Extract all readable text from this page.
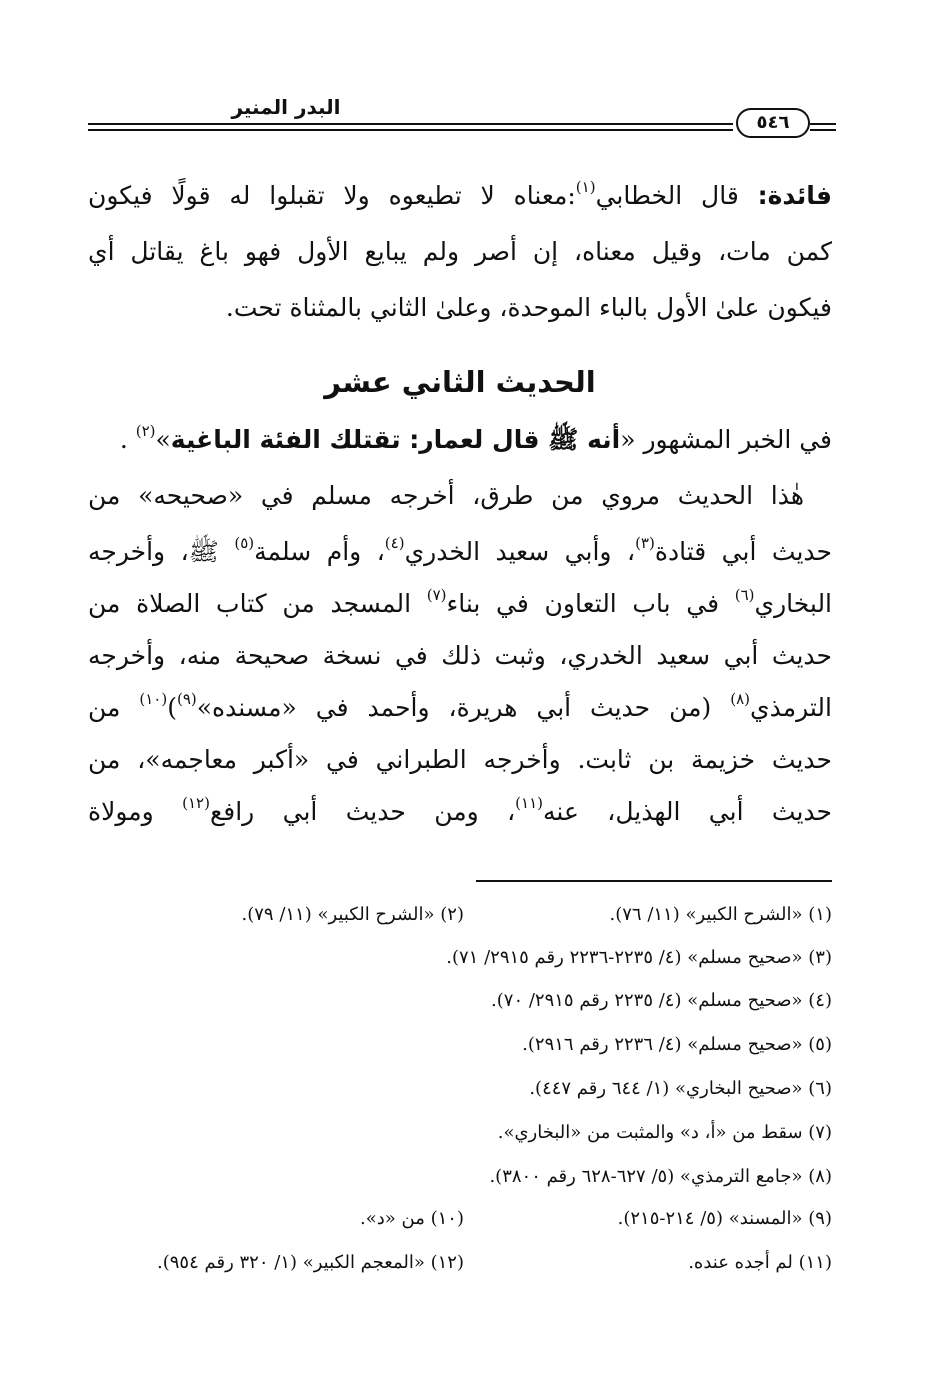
البدر المنير
٥٤٦
فائدة: قال الخطابي$^{(١)}$:معناه لا تطيعوه ولا تقبلوا له قولًا فيكون
كمن مات، وقيل معناه، إن أصر ولم يبايع الأول فهو باغ يقاتل أي
فيكون علىٰ الأول بالباء الموحدة، وعلىٰ الثاني بالمثناة تحت.
الحديث الثاني عشر
في الخبر المشهور «أنه ﷺ قال لعمار: تقتلك الفئة الباغية»$^{(٢)}$ .
هٰذا الحديث مروي من طرق، أخرجه مسلم في «صحيحه» من
حديث أبي قتادة$^{(٣)}$، وأبي سعيد الخدري$^{(٤)}$، وأم سلمة$^{(٥)}$ ﷺ، وأخرجه
البخاري$^{(٦)}$ في باب التعاون في بناء$^{(٧)}$ المسجد من كتاب الصلاة من
حديث أبي سعيد الخدري، وثبت ذلك في نسخة صحيحة منه، وأخرجه
الترمذي$^{(٨)}$ (من حديث أبي هريرة، وأحمد في «مسنده»$^{(٩)}$)$^{(١٠)}$ من
حديث خزيمة بن ثابت. وأخرجه الطبراني في «أكبر معاجمه»، من
حديث أبي الهذيل، عنه$^{(١١)}$، ومن حديث أبي رافع$^{(١٢)}$ ومولاة
(١) «الشرح الكبير» (١١/ ٧٦).
(٢) «الشرح الكبير» (١١/ ٧٩).
(٣) «صحيح مسلم» (٤/ ٢٢٣٥-٢٢٣٦ رقم ٢٩١٥/ ٧١).
(٤) «صحيح مسلم» (٤/ ٢٢٣٥ رقم ٢٩١٥/ ٧٠).
(٥) «صحيح مسلم» (٤/ ٢٢٣٦ رقم ٢٩١٦).
(٦) «صحيح البخاري» (١/ ٦٤٤ رقم ٤٤٧).
(٧) سقط من «أ، د» والمثبت من «البخاري».
(٨) «جامع الترمذي» (٥/ ٦٢٧-٦٢٨ رقم ٣٨٠٠).
(٩) «المسند» (٥/ ٢١٤-٢١٥).
(١٠) من «د».
(١١) لم أجده عنده.
(١٢) «المعجم الكبير» (١/ ٣٢٠ رقم ٩٥٤).
